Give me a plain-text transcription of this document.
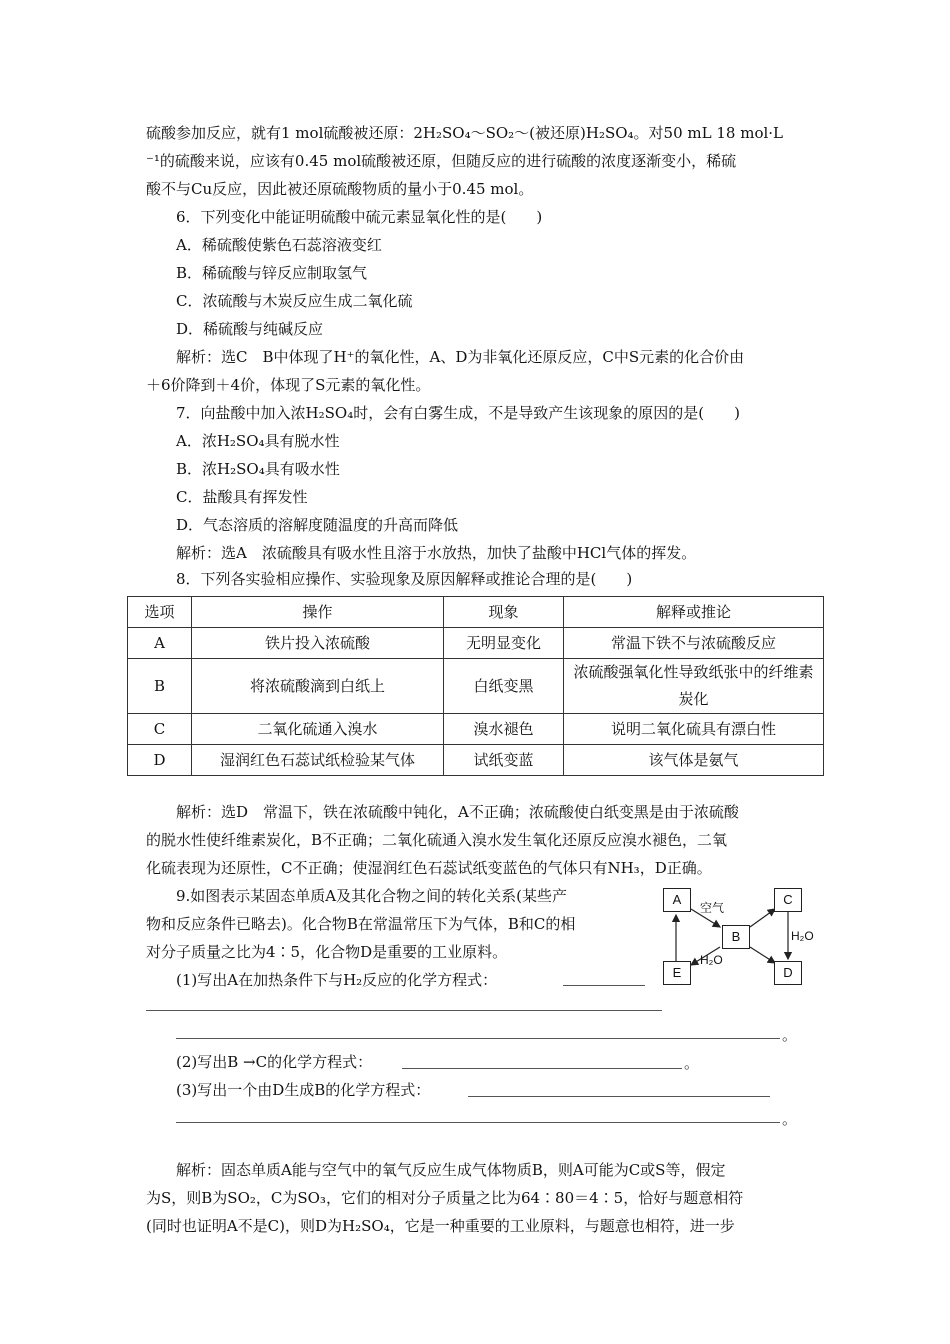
硫酸参加反应，就有1 mol硫酸被还原：2H₂SO₄～SO₂～(被还原)H₂SO₄。对50 mL 18 mol·L
⁻¹的硫酸来说，应该有0.45 mol硫酸被还原，但随反应的进行硫酸的浓度逐渐变小，稀硫
酸不与Cu反应，因此被还原硫酸物质的量小于0.45 mol。
6．下列变化中能证明硫酸中硫元素显氧化性的是(　　)
A．稀硫酸使紫色石蕊溶液变红
B．稀硫酸与锌反应制取氢气
C．浓硫酸与木炭反应生成二氧化硫
D．稀硫酸与纯碱反应
解析：选C　B中体现了H⁺的氧化性，A、D为非氧化还原反应，C中S元素的化合价由
＋6价降到＋4价，体现了S元素的氧化性。
7．向盐酸中加入浓H₂SO₄时，会有白雾生成，不是导致产生该现象的原因的是(　　)
A．浓H₂SO₄具有脱水性
B．浓H₂SO₄具有吸水性
C．盐酸具有挥发性
D．气态溶质的溶解度随温度的升高而降低
解析：选A　浓硫酸具有吸水性且溶于水放热，加快了盐酸中HCl气体的挥发。
8．下列各实验相应操作、实验现象及原因解释或推论合理的是(　　)
选项	操作	现象	解释或推论
A	铁片投入浓硫酸	无明显变化	常温下铁不与浓硫酸反应
B	将浓硫酸滴到白纸上	白纸变黑	浓硫酸强氧化性导致纸张中的纤维素炭化
C	二氧化硫通入溴水	溴水褪色	说明二氧化硫具有漂白性
D	湿润红色石蕊试纸检验某气体	试纸变蓝	该气体是氨气
解析：选D　常温下，铁在浓硫酸中钝化，A不正确；浓硫酸使白纸变黑是由于浓硫酸
的脱水性使纤维素炭化，B不正确；二氧化硫通入溴水发生氧化还原反应溴水褪色，二氧
化硫表现为还原性，C不正确；使湿润红色石蕊试纸变蓝色的气体只有NH₃，D正确。
9.如图表示某固态单质A及其化合物之间的转化关系(某些产
物和反应条件已略去)。化合物B在常温常压下为气体，B和C的相
对分子质量之比为4∶5，化合物D是重要的工业原料。
(1)写出A在加热条件下与H₂反应的化学方程式：
。
(2)写出B →C的化学方程式：	。
(3)写出一个由D生成B的化学方程式：
。
解析：固态单质A能与空气中的氧气反应生成气体物质B，则A可能为C或S等，假定
为S，则B为SO₂，C为SO₃，它们的相对分子质量之比为64∶80＝4∶5，恰好与题意相符
(同时也证明A不是C)，则D为H₂SO₄，它是一种重要的工业原料，与题意也相符，进一步
A
B
C
D
E
空气
H₂O
H₂O
